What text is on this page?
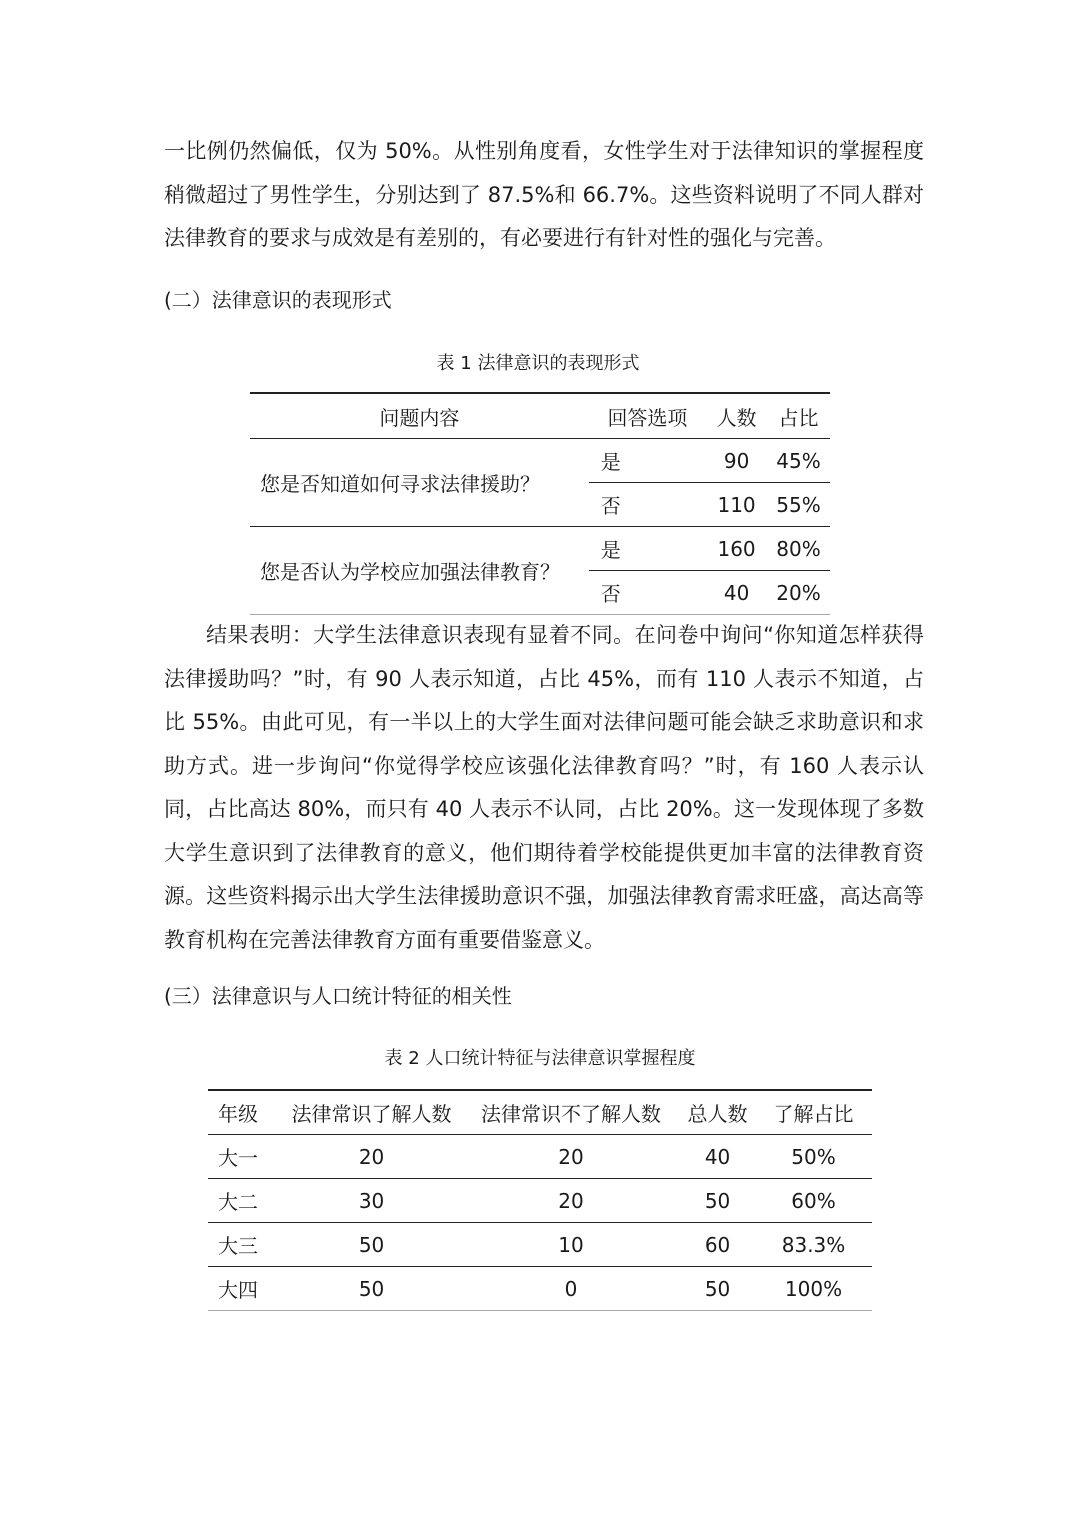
一比例仍然偏低，仅为 50%。从性别角度看，女性学生对于法律知识的掌握程度稍微超过了男性学生，分别达到了 87.5%和 66.7%。这些资料说明了不同人群对法律教育的要求与成效是有差别的，有必要进行有针对性的强化与完善。

(二）法律意识的表现形式

表 1 法律意识的表现形式

问题内容	回答选项	人数	占比
您是否知道如何寻求法律援助？	是	90	45%
	否	110	55%
您是否认为学校应加强法律教育？	是	160	80%
	否	40	20%

结果表明：大学生法律意识表现有显着不同。在问卷中询问“你知道怎样获得法律援助吗？”时，有 90 人表示知道，占比 45%，而有 110 人表示不知道，占比 55%。由此可见，有一半以上的大学生面对法律问题可能会缺乏求助意识和求助方式。进一步询问“你觉得学校应该强化法律教育吗？”时，有 160 人表示认同，占比高达 80%，而只有 40 人表示不认同，占比 20%。这一发现体现了多数大学生意识到了法律教育的意义，他们期待着学校能提供更加丰富的法律教育资源。这些资料揭示出大学生法律援助意识不强，加强法律教育需求旺盛，高达高等教育机构在完善法律教育方面有重要借鉴意义。

(三）法律意识与人口统计特征的相关性

表 2 人口统计特征与法律意识掌握程度

年级	法律常识了解人数	法律常识不了解人数	总人数	了解占比
大一	20	20	40	50%
大二	30	20	50	60%
大三	50	10	60	83.3%
大四	50	0	50	100%
